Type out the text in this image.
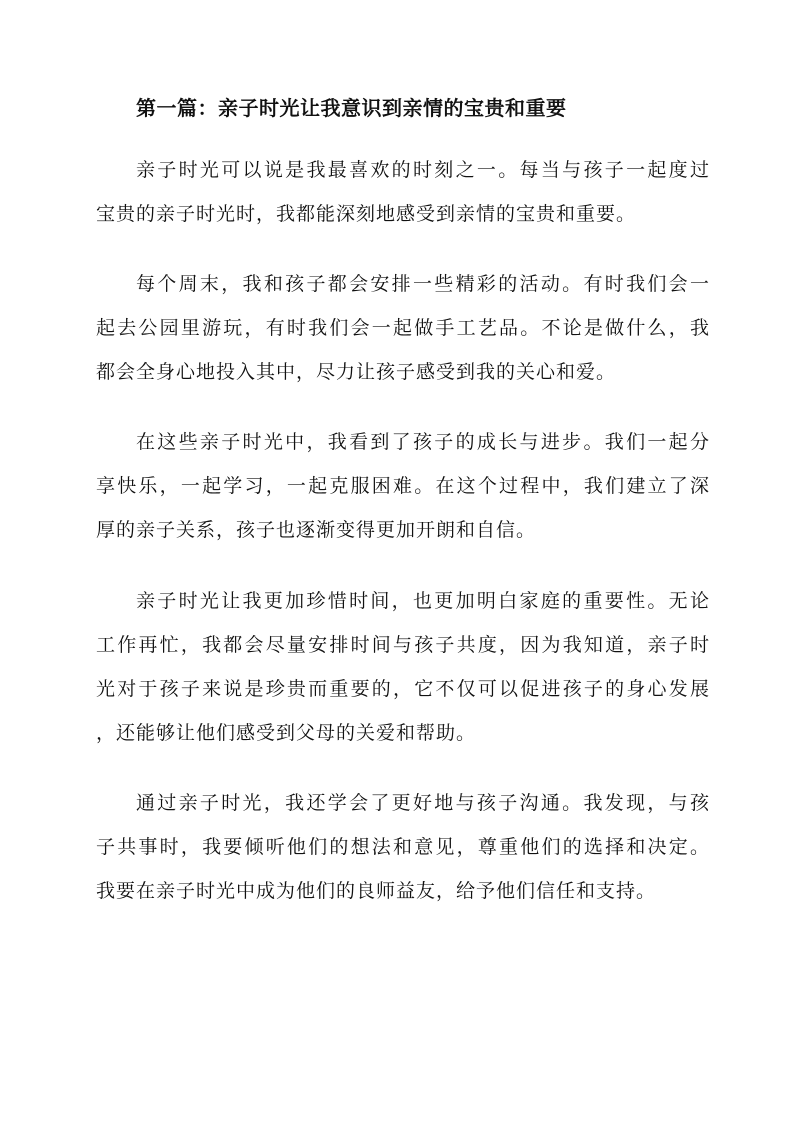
第一篇：亲子时光让我意识到亲情的宝贵和重要
亲子时光可以说是我最喜欢的时刻之一。每当与孩子一起度过
宝贵的亲子时光时，我都能深刻地感受到亲情的宝贵和重要。
每个周末，我和孩子都会安排一些精彩的活动。有时我们会一
起去公园里游玩，有时我们会一起做手工艺品。不论是做什么，我
都会全身心地投入其中，尽力让孩子感受到我的关心和爱。
在这些亲子时光中，我看到了孩子的成长与进步。我们一起分
享快乐，一起学习，一起克服困难。在这个过程中，我们建立了深
厚的亲子关系，孩子也逐渐变得更加开朗和自信。
亲子时光让我更加珍惜时间，也更加明白家庭的重要性。无论
工作再忙，我都会尽量安排时间与孩子共度，因为我知道，亲子时
光对于孩子来说是珍贵而重要的，它不仅可以促进孩子的身心发展
，还能够让他们感受到父母的关爱和帮助。
通过亲子时光，我还学会了更好地与孩子沟通。我发现，与孩
子共事时，我要倾听他们的想法和意见，尊重他们的选择和决定。
我要在亲子时光中成为他们的良师益友，给予他们信任和支持。
